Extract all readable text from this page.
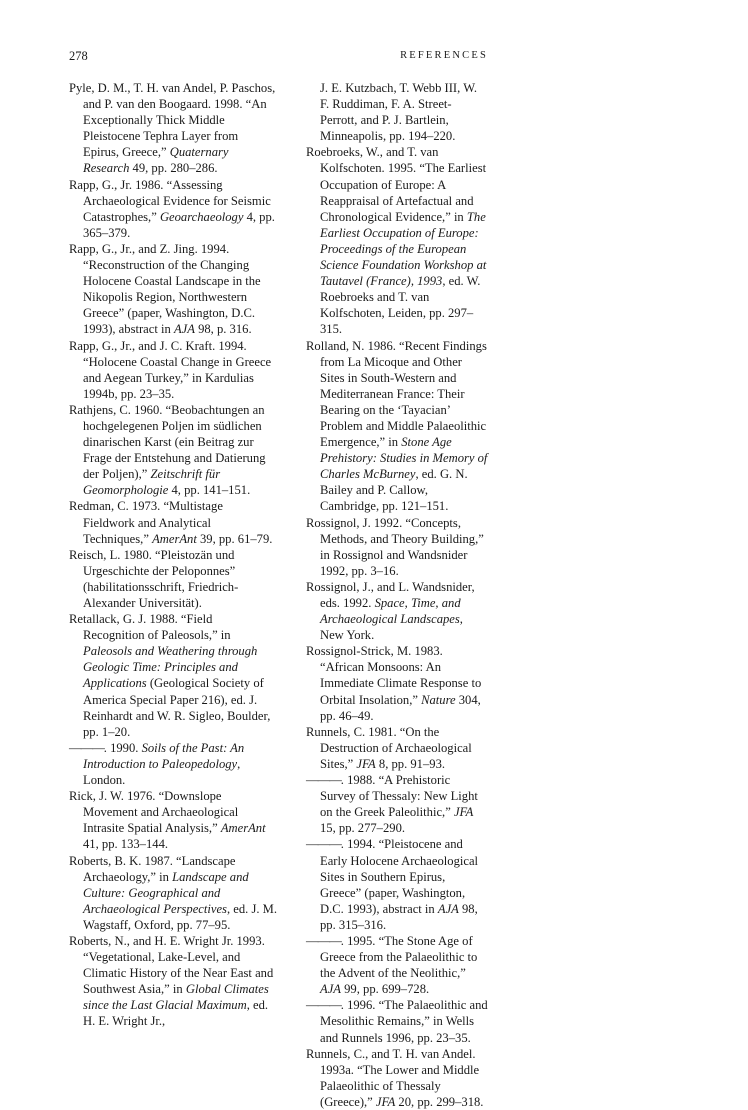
278	REFERENCES

Pyle, D. M., T. H. van Andel, P. Paschos, and P. van den Boogaard. 1998. “An Exceptionally Thick Middle Pleistocene Tephra Layer from Epirus, Greece,” Quaternary Research 49, pp. 280–286.

Rapp, G., Jr. 1986. “Assessing Archaeological Evidence for Seismic Catastrophes,” Geoarchaeology 4, pp. 365–379.

Rapp, G., Jr., and Z. Jing. 1994. “Reconstruction of the Changing Holocene Coastal Landscape in the Nikopolis Region, Northwestern Greece” (paper, Washington, D.C. 1993), abstract in AJA 98, p. 316.

Rapp, G., Jr., and J. C. Kraft. 1994. “Holocene Coastal Change in Greece and Aegean Turkey,” in Kardulias 1994b, pp. 23–35.

Rathjens, C. 1960. “Beobachtungen an hochgelegenen Poljen im südlichen dinarischen Karst (ein Beitrag zur Frage der Entstehung and Datierung der Poljen),” Zeitschrift für Geomorphologie 4, pp. 141–151.

Redman, C. 1973. “Multistage Fieldwork and Analytical Techniques,” AmerAnt 39, pp. 61–79.

Reisch, L. 1980. “Pleistozän und Urgeschichte der Peloponnes” (habilitationsschrift, Friedrich-Alexander Universität).

Retallack, G. J. 1988. “Field Recognition of Paleosols,” in Paleosols and Weathering through Geologic Time: Principles and Applications (Geological Society of America Special Paper 216), ed. J. Reinhardt and W. R. Sigleo, Boulder, pp. 1–20.

——— . 1990. Soils of the Past: An Introduction to Paleopedology, London.

Rick, J. W. 1976. “Downslope Movement and Archaeological Intrasite Spatial Analysis,” AmerAnt 41, pp. 133–144.

Roberts, B. K. 1987. “Landscape Archaeology,” in Landscape and Culture: Geographical and Archaeological Perspectives, ed. J. M. Wagstaff, Oxford, pp. 77–95.

Roberts, N., and H. E. Wright Jr. 1993. “Vegetational, Lake-Level, and Climatic History of the Near East and Southwest Asia,” in Global Climates since the Last Glacial Maximum, ed. H. E. Wright Jr.,

J. E. Kutzbach, T. Webb III, W. F. Ruddiman, F. A. Street-Perrott, and P. J. Bartlein, Minneapolis, pp. 194–220.

Roebroeks, W., and T. van Kolfschoten. 1995. “The Earliest Occupation of Europe: A Reappraisal of Artefactual and Chronological Evidence,” in The Earliest Occupation of Europe: Proceedings of the European Science Foundation Workshop at Tautavel (France), 1993, ed. W. Roebroeks and T. van Kolfschoten, Leiden, pp. 297–315.

Rolland, N. 1986. “Recent Findings from La Micoque and Other Sites in South-Western and Mediterranean France: Their Bearing on the ‘Tayacian’ Problem and Middle Palaeolithic Emergence,” in Stone Age Prehistory: Studies in Memory of Charles McBurney, ed. G. N. Bailey and P. Callow, Cambridge, pp. 121–151.

Rossignol, J. 1992. “Concepts, Methods, and Theory Building,” in Rossignol and Wandsnider 1992, pp. 3–16.

Rossignol, J., and L. Wandsnider, eds. 1992. Space, Time, and Archaeological Landscapes, New York.

Rossignol-Strick, M. 1983. “African Monsoons: An Immediate Climate Response to Orbital Insolation,” Nature 304, pp. 46–49.

Runnels, C. 1981. “On the Destruction of Archaeological Sites,” JFA 8, pp. 91–93.

——— . 1988. “A Prehistoric Survey of Thessaly: New Light on the Greek Paleolithic,” JFA 15, pp. 277–290.

——— . 1994. “Pleistocene and Early Holocene Archaeological Sites in Southern Epirus, Greece” (paper, Washington, D.C. 1993), abstract in AJA 98, pp. 315–316.

——— . 1995. “The Stone Age of Greece from the Palaeolithic to the Advent of the Neolithic,” AJA 99, pp. 699–728.

——— . 1996. “The Palaeolithic and Mesolithic Remains,” in Wells and Runnels 1996, pp. 23–35.

Runnels, C., and T. H. van Andel. 1993a. “The Lower and Middle Palaeolithic of Thessaly (Greece),” JFA 20, pp. 299–318.
